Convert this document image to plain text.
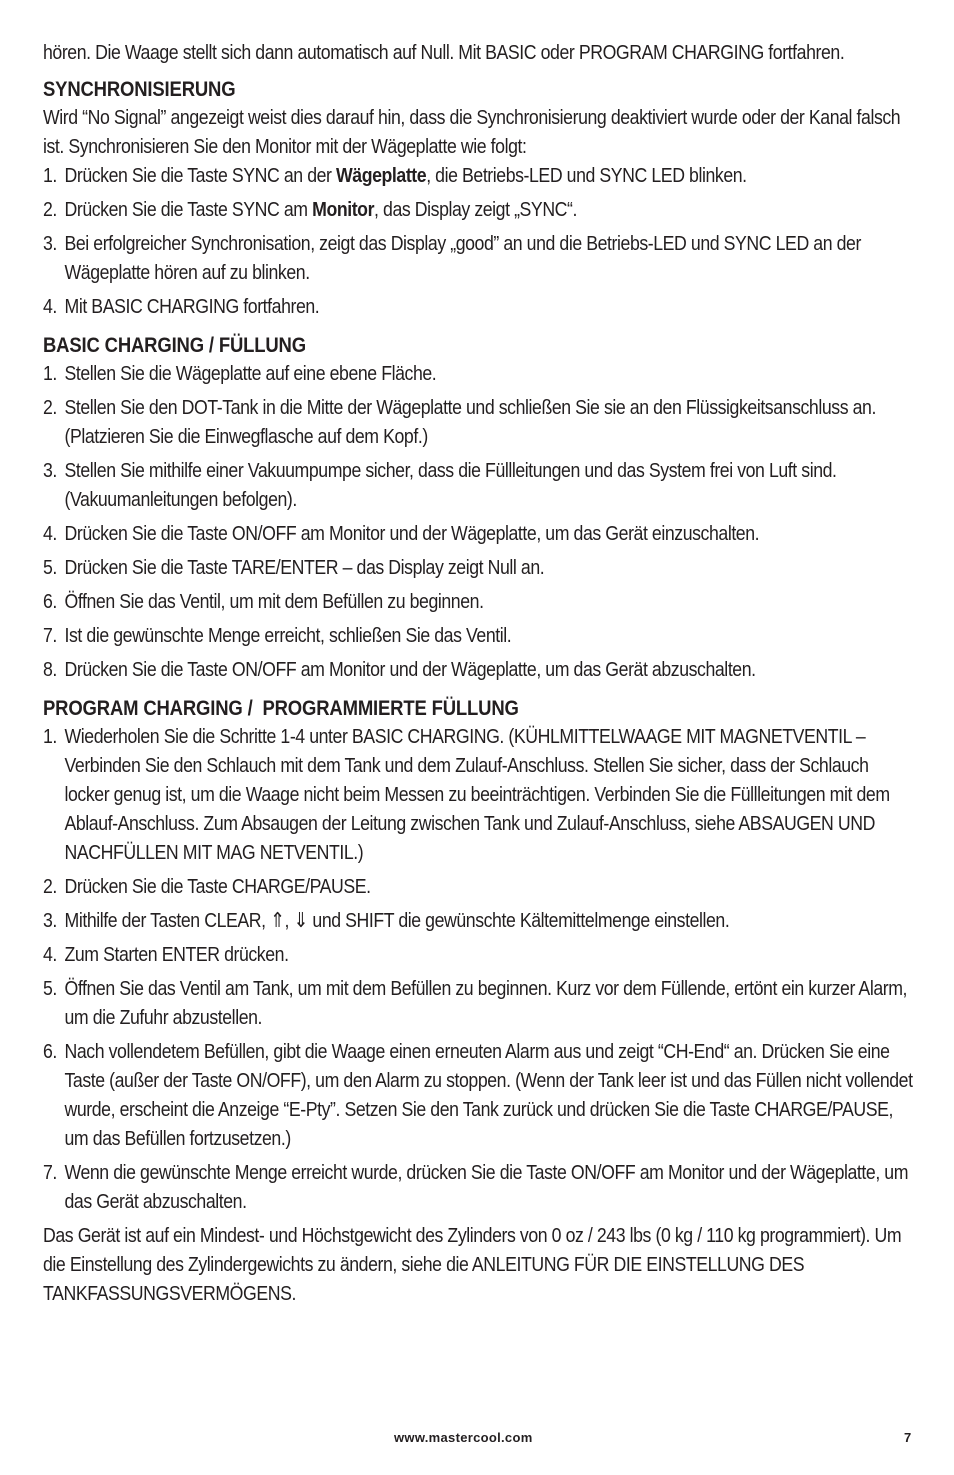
hören. Die Waage stellt sich dann automatisch auf Null. Mit BASIC oder PROGRAM CHARGING fortfahren.

SYNCHRONISIERUNG

Wird “No Signal” angezeigt weist dies darauf hin, dass die Synchronisierung deaktiviert wurde oder der Kanal falsch ist. Synchronisieren Sie den Monitor mit der Wägeplatte wie folgt:

1. Drücken Sie die Taste SYNC an der Wägeplatte, die Betriebs-LED und SYNC LED blinken.
2. Drücken Sie die Taste SYNC am Monitor, das Display zeigt „SYNC“.
3. Bei erfolgreicher Synchronisation, zeigt das Display „good” an und die Betriebs-LED und SYNC LED an der Wägeplatte hören auf zu blinken.
4. Mit BASIC CHARGING fortfahren.
BASIC CHARGING / FÜLLUNG
1. Stellen Sie die Wägeplatte auf eine ebene Fläche.
2. Stellen Sie den DOT-Tank in die Mitte der Wägeplatte und schließen Sie sie an den Flüssigkeitsanschluss an. (Platzieren Sie die Einwegflasche auf dem Kopf.)
3. Stellen Sie mithilfe einer Vakuumpumpe sicher, dass die Füllleitungen und das System frei von Luft sind. (Vakuumanleitungen befolgen).
4. Drücken Sie die Taste ON/OFF am Monitor und der Wägeplatte, um das Gerät einzuschalten.
5. Drücken Sie die Taste TARE/ENTER – das Display zeigt Null an.
6. Öffnen Sie das Ventil, um mit dem Befüllen zu beginnen.
7. Ist die gewünschte Menge erreicht, schließen Sie das Ventil.
8. Drücken Sie die Taste ON/OFF am Monitor und der Wägeplatte, um das Gerät abzuschalten.
PROGRAM CHARGING /  PROGRAMMIERTE FÜLLUNG
1. Wiederholen Sie die Schritte 1-4 unter BASIC CHARGING. (KÜHLMITTELWAAGE MIT MAGNETVENTIL – Verbinden Sie den Schlauch mit dem Tank und dem Zulauf-Anschluss. Stellen Sie sicher, dass der Schlauch locker genug ist, um die Waage nicht beim Messen zu beeinträchtigen. Verbinden Sie die Füllleitungen mit dem Ablauf-Anschluss. Zum Absaugen der Leitung zwischen Tank und Zulauf-Anschluss, siehe ABSAUGEN UND NACHFÜLLEN MIT MAG NETVENTIL.)
2. Drücken Sie die Taste CHARGE/PAUSE.
3. Mithilfe der Tasten CLEAR, ⇑, ⇓ und SHIFT die gewünschte Kältemittelmenge einstellen.
4. Zum Starten ENTER drücken.
5. Öffnen Sie das Ventil am Tank, um mit dem Befüllen zu beginnen. Kurz vor dem Füllende, ertönt ein kurzer Alarm, um die Zufuhr abzustellen.
6. Nach vollendetem Befüllen, gibt die Waage einen erneuten Alarm aus und zeigt “CH-End“ an. Drücken Sie eine Taste (außer der Taste ON/OFF), um den Alarm zu stoppen. (Wenn der Tank leer ist und das Füllen nicht vollendet wurde, erscheint die Anzeige “E-Pty”. Setzen Sie den Tank zurück und drücken Sie die Taste CHARGE/PAUSE, um das Befüllen fortzusetzen.)
7. Wenn die gewünschte Menge erreicht wurde, drücken Sie die Taste ON/OFF am Monitor und der Wägeplatte, um das Gerät abzuschalten.

Das Gerät ist auf ein Mindest- und Höchstgewicht des Zylinders von 0 oz / 243 lbs (0 kg / 110 kg programmiert). Um die Einstellung des Zylindergewichts zu ändern, siehe die ANLEITUNG FÜR DIE EINSTELLUNG DES TANKFASSUNGSVERMÖGENS.

www.mastercool.com	7
